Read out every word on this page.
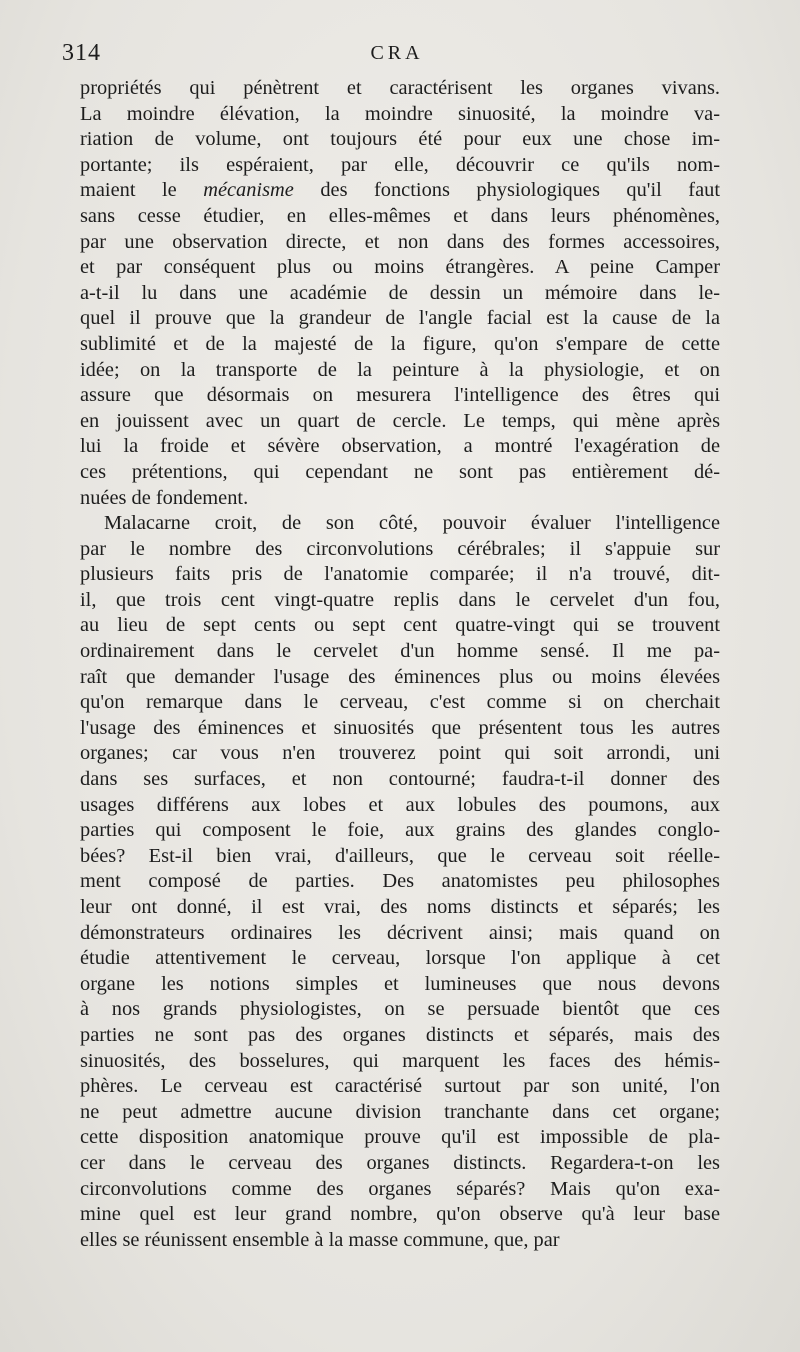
314	CRA
propriétés qui pénètrent et caractérisent les organes vivans.
La moindre élévation, la moindre sinuosité, la moindre va-
riation de volume, ont toujours été pour eux une chose im-
portante; ils espéraient, par elle, découvrir ce qu'ils nom-
maient le mécanisme des fonctions physiologiques qu'il faut
sans cesse étudier, en elles-mêmes et dans leurs phénomènes,
par une observation directe, et non dans des formes accessoires,
et par conséquent plus ou moins étrangères. A peine Camper
a-t-il lu dans une académie de dessin un mémoire dans le-
quel il prouve que la grandeur de l'angle facial est la cause de la
sublimité et de la majesté de la figure, qu'on s'empare de cette
idée; on la transporte de la peinture à la physiologie, et on
assure que désormais on mesurera l'intelligence des êtres qui
en jouissent avec un quart de cercle. Le temps, qui mène après
lui la froide et sévère observation, a montré l'exagération de
ces prétentions, qui cependant ne sont pas entièrement dé-
nuées de fondement.
Malacarne croit, de son côté, pouvoir évaluer l'intelligence
par le nombre des circonvolutions cérébrales; il s'appuie sur
plusieurs faits pris de l'anatomie comparée; il n'a trouvé, dit-
il, que trois cent vingt-quatre replis dans le cervelet d'un fou,
au lieu de sept cents ou sept cent quatre-vingt qui se trouvent
ordinairement dans le cervelet d'un homme sensé. Il me pa-
raît que demander l'usage des éminences plus ou moins élevées
qu'on remarque dans le cerveau, c'est comme si on cherchait
l'usage des éminences et sinuosités que présentent tous les autres
organes; car vous n'en trouverez point qui soit arrondi, uni
dans ses surfaces, et non contourné; faudra-t-il donner des
usages différens aux lobes et aux lobules des poumons, aux
parties qui composent le foie, aux grains des glandes conglo-
bées? Est-il bien vrai, d'ailleurs, que le cerveau soit réelle-
ment composé de parties. Des anatomistes peu philosophes
leur ont donné, il est vrai, des noms distincts et séparés; les
démonstrateurs ordinaires les décrivent ainsi; mais quand on
étudie attentivement le cerveau, lorsque l'on applique à cet
organe les notions simples et lumineuses que nous devons
à nos grands physiologistes, on se persuade bientôt que ces
parties ne sont pas des organes distincts et séparés, mais des
sinuosités, des bosselures, qui marquent les faces des hémis-
phères. Le cerveau est caractérisé surtout par son unité, l'on
ne peut admettre aucune division tranchante dans cet organe;
cette disposition anatomique prouve qu'il est impossible de pla-
cer dans le cerveau des organes distincts. Regardera-t-on les
circonvolutions comme des organes séparés? Mais qu'on exa-
mine quel est leur grand nombre, qu'on observe qu'à leur base
elles se réunissent ensemble à la masse commune, que, par
